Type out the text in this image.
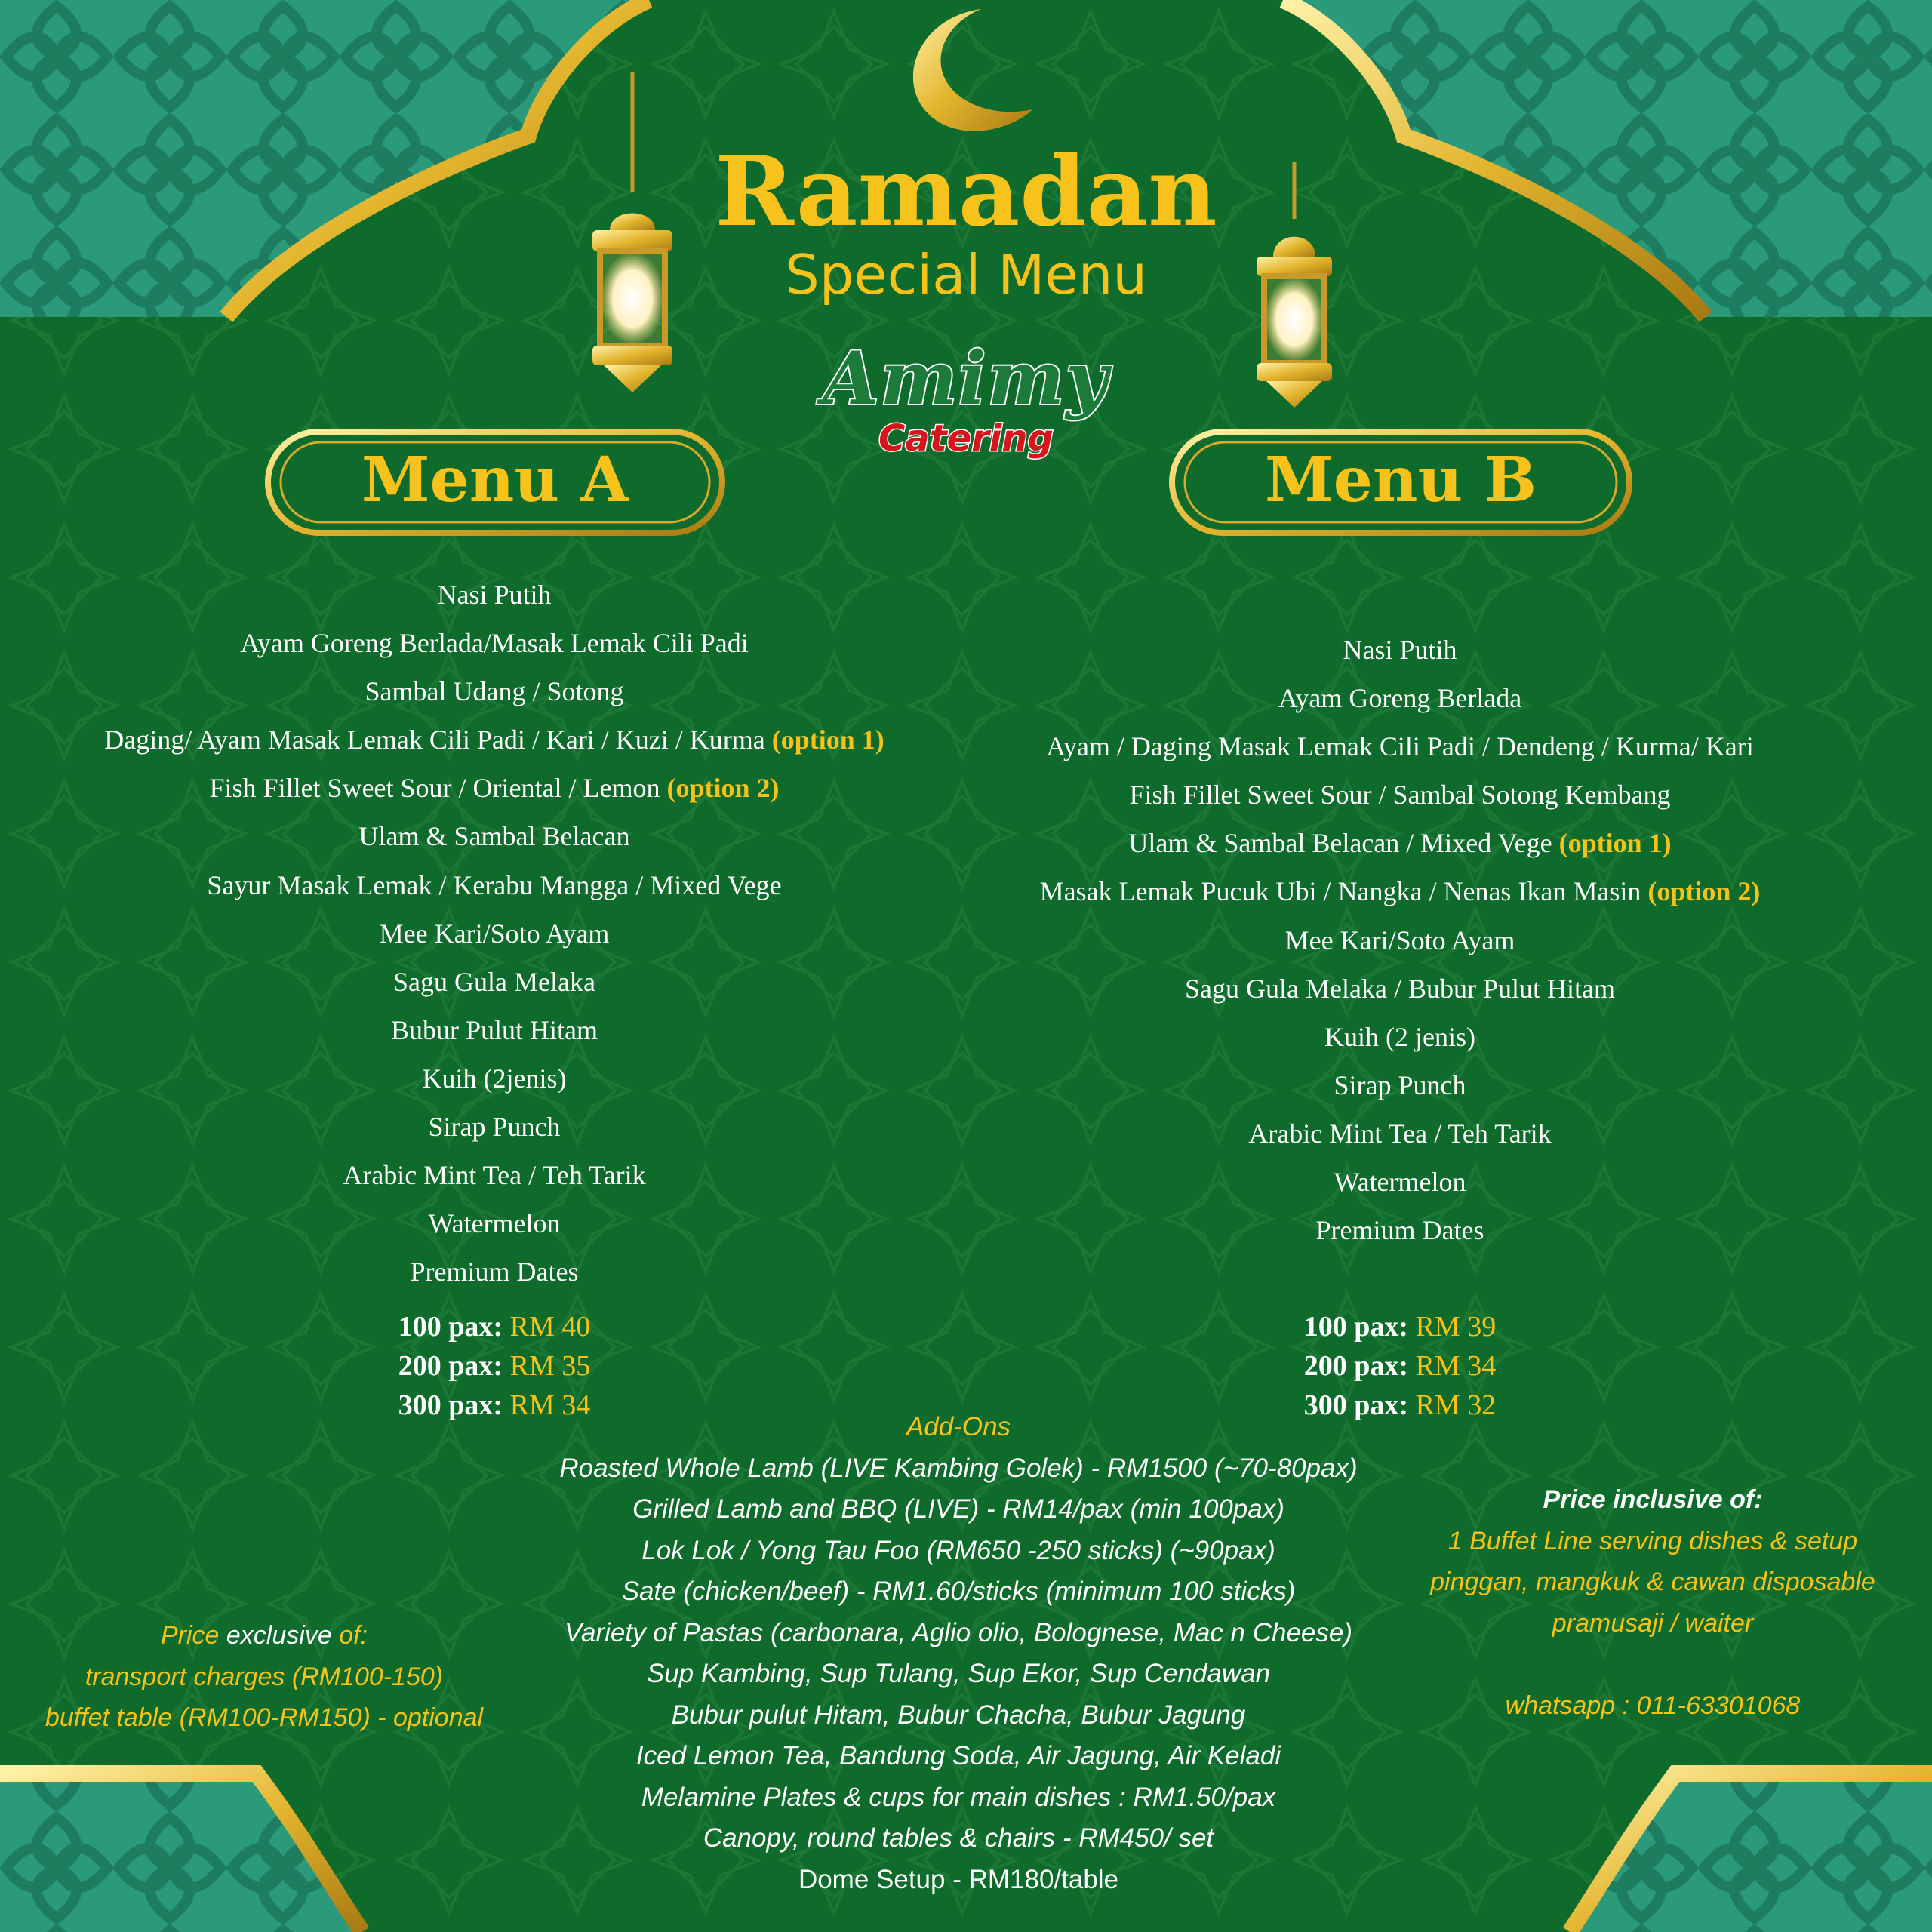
Ramadan
Special Menu
Amimy
Catering
Menu A	Menu B
Nasi Putih
Ayam Goreng Berlada/Masak Lemak Cili Padi
Sambal Udang / Sotong
Daging/ Ayam Masak Lemak Cili Padi / Kari / Kuzi / Kurma (option 1)
Fish Fillet Sweet Sour / Oriental / Lemon (option 2)
Ulam & Sambal Belacan
Sayur Masak Lemak / Kerabu Mangga / Mixed Vege
Mee Kari/Soto Ayam
Sagu Gula Melaka
Bubur Pulut Hitam
Kuih (2jenis)
Sirap Punch
Arabic Mint Tea / Teh Tarik
Watermelon
Premium Dates
Nasi Putih
Ayam Goreng Berlada
Ayam / Daging Masak Lemak Cili Padi / Dendeng / Kurma/ Kari
Fish Fillet Sweet Sour / Sambal Sotong Kembang
Ulam & Sambal Belacan / Mixed Vege (option 1)
Masak Lemak Pucuk Ubi / Nangka / Nenas Ikan Masin (option 2)
Mee Kari/Soto Ayam
Sagu Gula Melaka / Bubur Pulut Hitam
Kuih (2 jenis)
Sirap Punch
Arabic Mint Tea / Teh Tarik
Watermelon
Premium Dates
100 pax: RM 40
200 pax: RM 35
300 pax: RM 34
100 pax: RM 39
200 pax: RM 34
300 pax: RM 32
Add-Ons
Roasted Whole Lamb (LIVE Kambing Golek) - RM1500 (~70-80pax)
Grilled Lamb and BBQ (LIVE) - RM14/pax (min 100pax)
Lok Lok / Yong Tau Foo (RM650 -250 sticks) (~90pax)
Sate (chicken/beef) - RM1.60/sticks (minimum 100 sticks)
Variety of Pastas (carbonara, Aglio olio, Bolognese, Mac n Cheese)
Sup Kambing, Sup Tulang, Sup Ekor, Sup Cendawan
Bubur pulut Hitam, Bubur Chacha, Bubur Jagung
Iced Lemon Tea, Bandung Soda, Air Jagung, Air Keladi
Melamine Plates & cups for main dishes : RM1.50/pax
Canopy, round tables & chairs - RM450/ set
Dome Setup - RM180/table
Price exclusive of:
transport charges (RM100-150)
buffet table (RM100-RM150) - optional
Price inclusive of:
1 Buffet Line serving dishes & setup
pinggan, mangkuk & cawan disposable
pramusaji / waiter

whatsapp : 011-63301068
